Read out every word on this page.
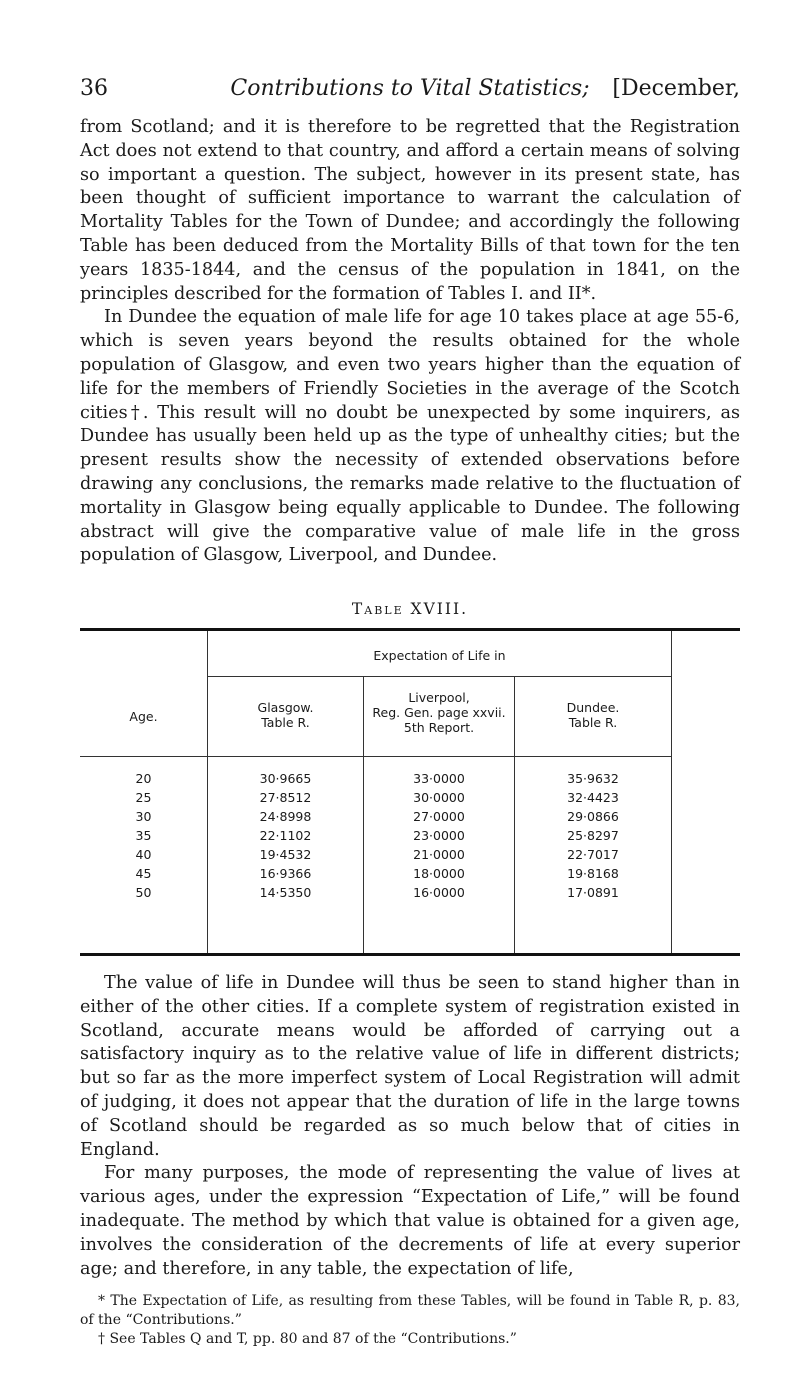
36	Contributions to Vital Statistics;	[December,

from Scotland; and it is therefore to be regretted that the Registration Act does not extend to that country, and afford a certain means of solving so important a question. The subject, however in its present state, has been thought of sufficient importance to warrant the calculation of Mortality Tables for the Town of Dundee; and accordingly the following Table has been deduced from the Mortality Bills of that town for the ten years 1835-1844, and the census of the population in 1841, on the principles described for the formation of Tables I. and II*.

In Dundee the equation of male life for age 10 takes place at age 55-6, which is seven years beyond the results obtained for the whole population of Glasgow, and even two years higher than the equation of life for the members of Friendly Societies in the average of the Scotch cities†. This result will no doubt be unexpected by some inquirers, as Dundee has usually been held up as the type of unhealthy cities; but the present results show the necessity of extended observations before drawing any conclusions, the remarks made relative to the fluctuation of mortality in Glasgow being equally applicable to Dundee. The following abstract will give the comparative value of male life in the gross population of Glasgow, Liverpool, and Dundee.

Table XVIII.
Expectation of Life in
Age.
Glasgow.
Table R.
Liverpool,
Reg. Gen. page xxvii.
5th Report.
Dundee.
Table R.
20	30·9665	33·0000	35·9632
25	27·8512	30·0000	32·4423
30	24·8998	27·0000	29·0866
35	22·1102	23·0000	25·8297
40	19·4532	21·0000	22·7017
45	16·9366	18·0000	19·8168
50	14·5350	16·0000	17·0891

The value of life in Dundee will thus be seen to stand higher than in either of the other cities. If a complete system of registration existed in Scotland, accurate means would be afforded of carrying out a satisfactory inquiry as to the relative value of life in different districts; but so far as the more imperfect system of Local Registration will admit of judging, it does not appear that the duration of life in the large towns of Scotland should be regarded as so much below that of cities in England.

For many purposes, the mode of representing the value of lives at various ages, under the expression “Expectation of Life,” will be found inadequate. The method by which that value is obtained for a given age, involves the consideration of the decrements of life at every superior age; and therefore, in any table, the expectation of life,

* The Expectation of Life, as resulting from these Tables, will be found in Table R, p. 83, of the “Contributions.”

† See Tables Q and T, pp. 80 and 87 of the “Contributions.”
